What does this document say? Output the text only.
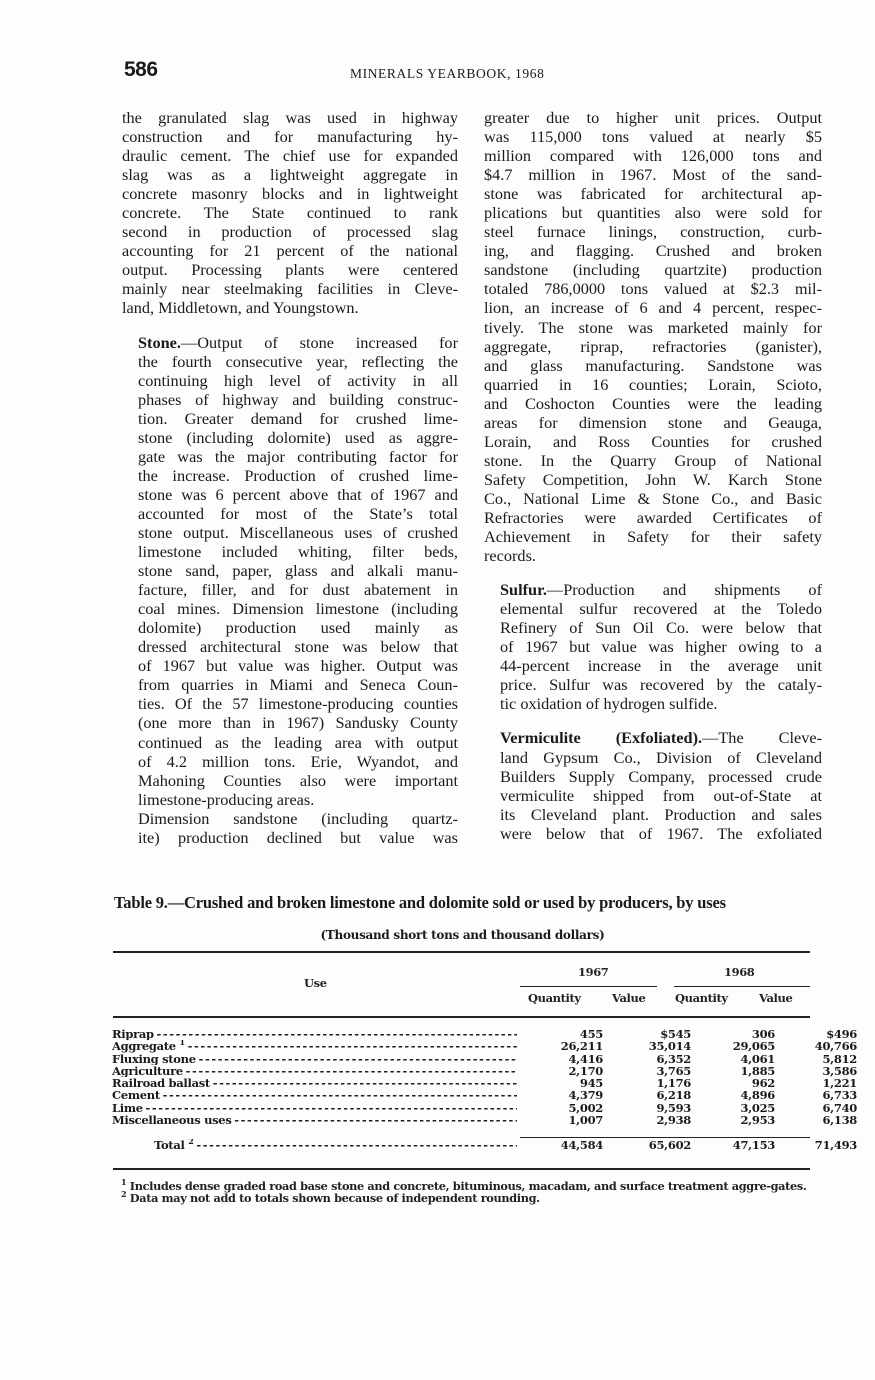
586	MINERALS YEARBOOK, 1968

the granulated slag was used in highway
construction and for manufacturing hy-
draulic cement. The chief use for expanded
slag was as a lightweight aggregate in
concrete masonry blocks and in lightweight
concrete. The State continued to rank
second in production of processed slag
accounting for 21 percent of the national
output. Processing plants were centered
mainly near steelmaking facilities in Cleve-
land, Middletown, and Youngstown.

Stone.—Output of stone increased for
the fourth consecutive year, reflecting the
continuing high level of activity in all
phases of highway and building construc-
tion. Greater demand for crushed lime-
stone (including dolomite) used as aggre-
gate was the major contributing factor for
the increase. Production of crushed lime-
stone was 6 percent above that of 1967 and
accounted for most of the State’s total
stone output. Miscellaneous uses of crushed
limestone included whiting, filter beds,
stone sand, paper, glass and alkali manu-
facture, filler, and for dust abatement in
coal mines. Dimension limestone (including
dolomite) production used mainly as
dressed architectural stone was below that
of 1967 but value was higher. Output was
from quarries in Miami and Seneca Coun-
ties. Of the 57 limestone-producing counties
(one more than in 1967) Sandusky County
continued as the leading area with output
of 4.2 million tons. Erie, Wyandot, and
Mahoning Counties also were important
limestone-producing areas.

Dimension sandstone (including quartz-
ite) production declined but value was

greater due to higher unit prices. Output
was 115,000 tons valued at nearly $5
million compared with 126,000 tons and
$4.7 million in 1967. Most of the sand-
stone was fabricated for architectural ap-
plications but quantities also were sold for
steel furnace linings, construction, curb-
ing, and flagging. Crushed and broken
sandstone (including quartzite) production
totaled 786,0000 tons valued at $2.3 mil-
lion, an increase of 6 and 4 percent, respec-
tively. The stone was marketed mainly for
aggregate, riprap, refractories (ganister),
and glass manufacturing. Sandstone was
quarried in 16 counties; Lorain, Scioto,
and Coshocton Counties were the leading
areas for dimension stone and Geauga,
Lorain, and Ross Counties for crushed
stone. In the Quarry Group of National
Safety Competition, John W. Karch Stone
Co., National Lime & Stone Co., and Basic
Refractories were awarded Certificates of
Achievement in Safety for their safety
records.

Sulfur.—Production and shipments of
elemental sulfur recovered at the Toledo
Refinery of Sun Oil Co. were below that
of 1967 but value was higher owing to a
44-percent increase in the average unit
price. Sulfur was recovered by the cataly-
tic oxidation of hydrogen sulfide.

Vermiculite (Exfoliated).—The Cleve-
land Gypsum Co., Division of Cleveland
Builders Supply Company, processed crude
vermiculite shipped from out-of-State at
its Cleveland plant. Production and sales
were below that of 1967. The exfoliated

Table 9.—Crushed and broken limestone and dolomite sold or used by producers, by uses
(Thousand short tons and thousand dollars)
Use
1967	1968
Quantity	Value	Quantity	Value
Riprap - - -	455	$545	306	$496
Aggregate $^1$ - - -	26,211	35,014	29,065	40,766
Fluxing stone - - -	4,416	6,352	4,061	5,812
Agriculture - - -	2,170	3,765	1,885	3,586
Railroad ballast - - -	945	1,176	962	1,221
Cement - - -	4,379	6,218	4,896	6,733
Lime - - -	5,002	9,593	3,025	6,740
Miscellaneous uses - - -	1,007	2,938	2,953	6,138
Total $^2$ - - -	44,584	65,602	47,153	71,493

$^1$ Includes dense graded road base stone and concrete, bituminous, macadam, and surface treatment aggre-gates.

$^2$ Data may not add to totals shown because of independent rounding.
